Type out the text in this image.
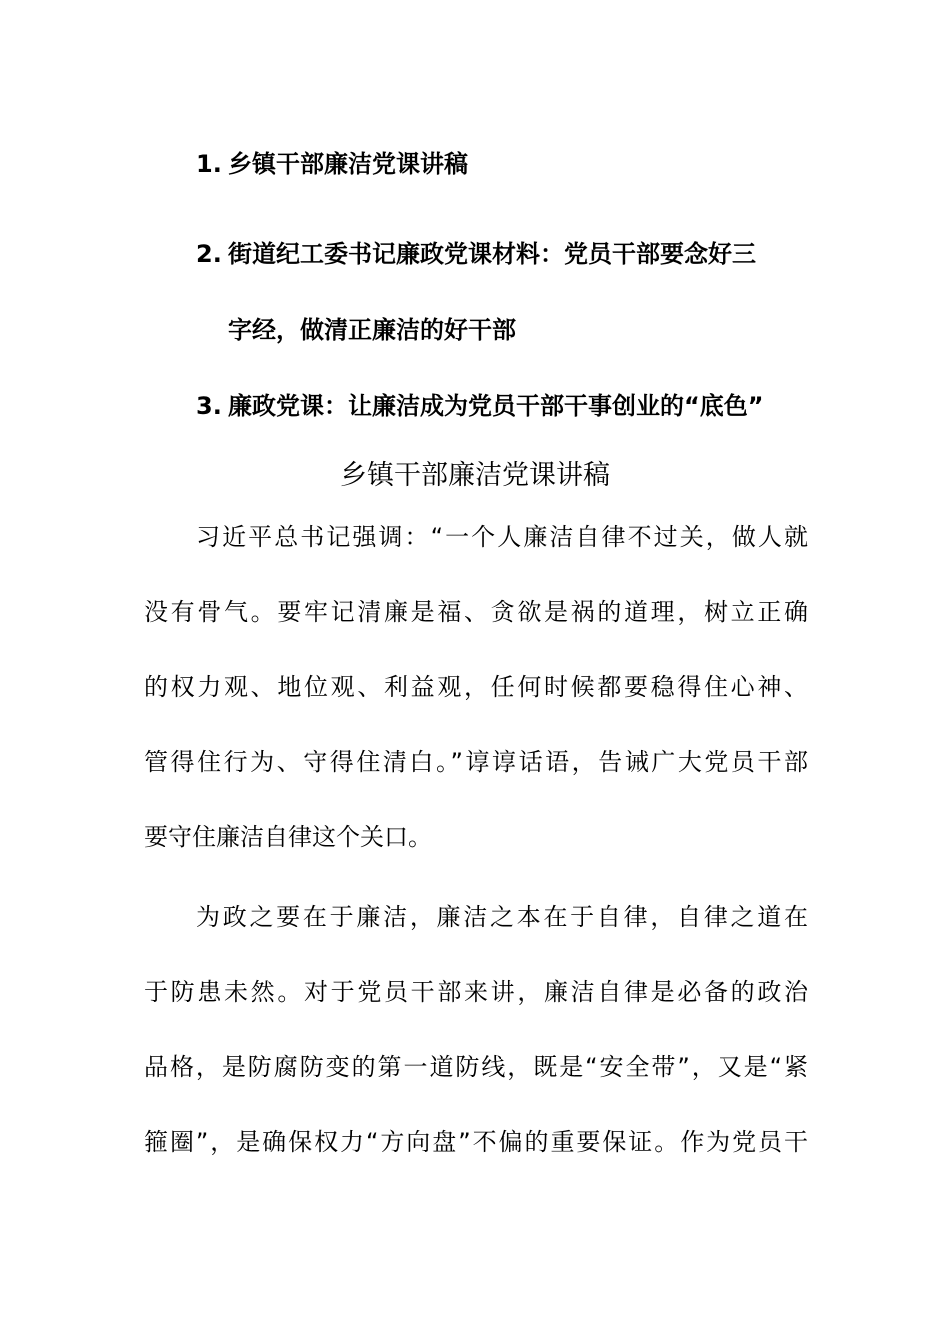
1. 乡镇干部廉洁党课讲稿
2. 街道纪工委书记廉政党课材料：党员干部要念好三
字经，做清正廉洁的好干部
3. 廉政党课：让廉洁成为党员干部干事创业的“底色”
乡镇干部廉洁党课讲稿
习近平总书记强调：“一个人廉洁自律不过关，做人就
没有骨气。要牢记清廉是福、贪欲是祸的道理，树立正确
的权力观、地位观、利益观，任何时候都要稳得住心神、
管得住行为、守得住清白。”谆谆话语，告诫广大党员干部
要守住廉洁自律这个关口。
为政之要在于廉洁，廉洁之本在于自律，自律之道在
于防患未然。对于党员干部来讲，廉洁自律是必备的政治
品格，是防腐防变的第一道防线，既是“安全带”，又是“紧
箍圈”，是确保权力“方向盘”不偏的重要保证。作为党员干
